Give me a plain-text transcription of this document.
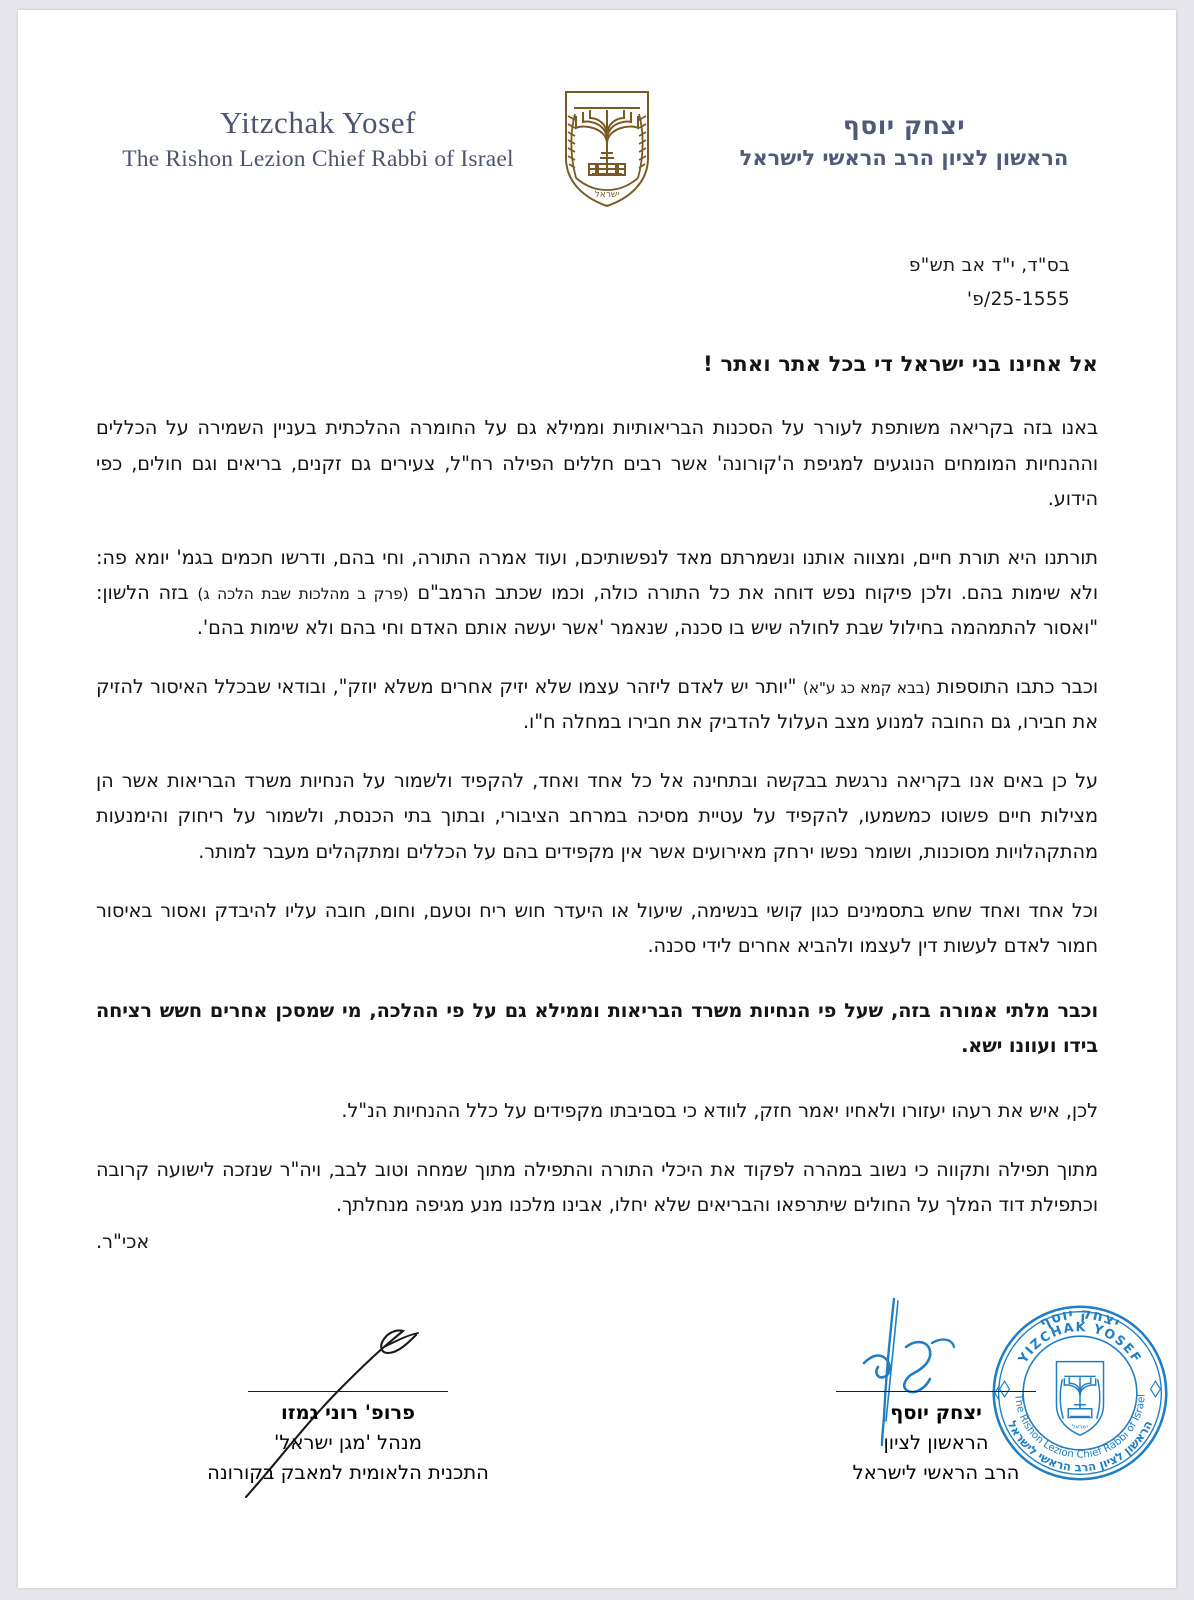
Yitzchak Yosef
The Rishon Lezion Chief Rabbi of Israel
ישראל
יצחק יוסף
הראשון לציון הרב הראשי לישראל
בס"ד, י"ד אב תש"פ
25-1555/פ'
אל אחינו בני ישראל די בכל אתר ואתר !
באנו בזה בקריאה משותפת לעורר על הסכנות הבריאותיות וממילא גם על החומרה ההלכתית בעניין השמירה על הכללים וההנחיות המומחים הנוגעים למגיפת ה'קורונה' אשר רבים חללים הפילה רח"ל, צעירים גם זקנים, בריאים וגם חולים, כפי הידוע.
תורתנו היא תורת חיים, ומצווה אותנו ונשמרתם מאד לנפשותיכם, ועוד אמרה התורה, וחי בהם, ודרשו חכמים בגמ' יומא פה: ולא שימות בהם. ולכן פיקוח נפש דוחה את כל התורה כולה, וכמו שכתב הרמב"ם (פרק ב מהלכות שבת הלכה ג) בזה הלשון: "ואסור להתמהמה בחילול שבת לחולה שיש בו סכנה, שנאמר 'אשר יעשה אותם האדם וחי בהם ולא שימות בהם'.
וכבר כתבו התוספות (בבא קמא כג ע"א) "יותר יש לאדם ליזהר עצמו שלא יזיק אחרים משלא יוזק", ובודאי שבכלל האיסור להזיק את חבירו, גם החובה למנוע מצב העלול להדביק את חבירו במחלה ח"ו.
על כן באים אנו בקריאה נרגשת בבקשה ובתחינה אל כל אחד ואחד, להקפיד ולשמור על הנחיות משרד הבריאות אשר הן מצילות חיים פשוטו כמשמעו, להקפיד על עטיית מסיכה במרחב הציבורי, ובתוך בתי הכנסת, ולשמור על ריחוק והימנעות מהתקהלויות מסוכנות, ושומר נפשו ירחק מאירועים אשר אין מקפידים בהם על הכללים ומתקהלים מעבר למותר.
וכל אחד ואחד שחש בתסמינים כגון קושי בנשימה, שיעול או היעדר חוש ריח וטעם, וחום, חובה עליו להיבדק ואסור באיסור חמור לאדם לעשות דין לעצמו ולהביא אחרים לידי סכנה.
וכבר מלתי אמורה בזה, שעל פי הנחיות משרד הבריאות וממילא גם על פי ההלכה, מי שמסכן אחרים חשש רציחה בידו ועוונו ישא.
לכן, איש את רעהו יעזורו ולאחיו יאמר חזק, לוודא כי בסביבתו מקפידים על כלל ההנחיות הנ"ל.
מתוך תפילה ותקווה כי נשוב במהרה לפקוד את היכלי התורה והתפילה מתוך שמחה וטוב לבב, ויה"ר שנזכה לישועה קרובה וכתפילת דוד המלך על החולים שיתרפאו והבריאים שלא יחלו, אבינו מלכנו מנע מגיפה מנחלתך.
אכי"ר.
יצחק יוסף
YIZCHAK YOSEF
The Rishon Lezion Chief Rabbi of Israel
הראשון לציון הרב הראשי לישראל
ישראל
יצחק יוסף
הראשון לציון
הרב הראשי לישראל
פרופ' רוני גמזו
מנהל 'מגן ישראל'
התכנית הלאומית למאבק בקורונה
